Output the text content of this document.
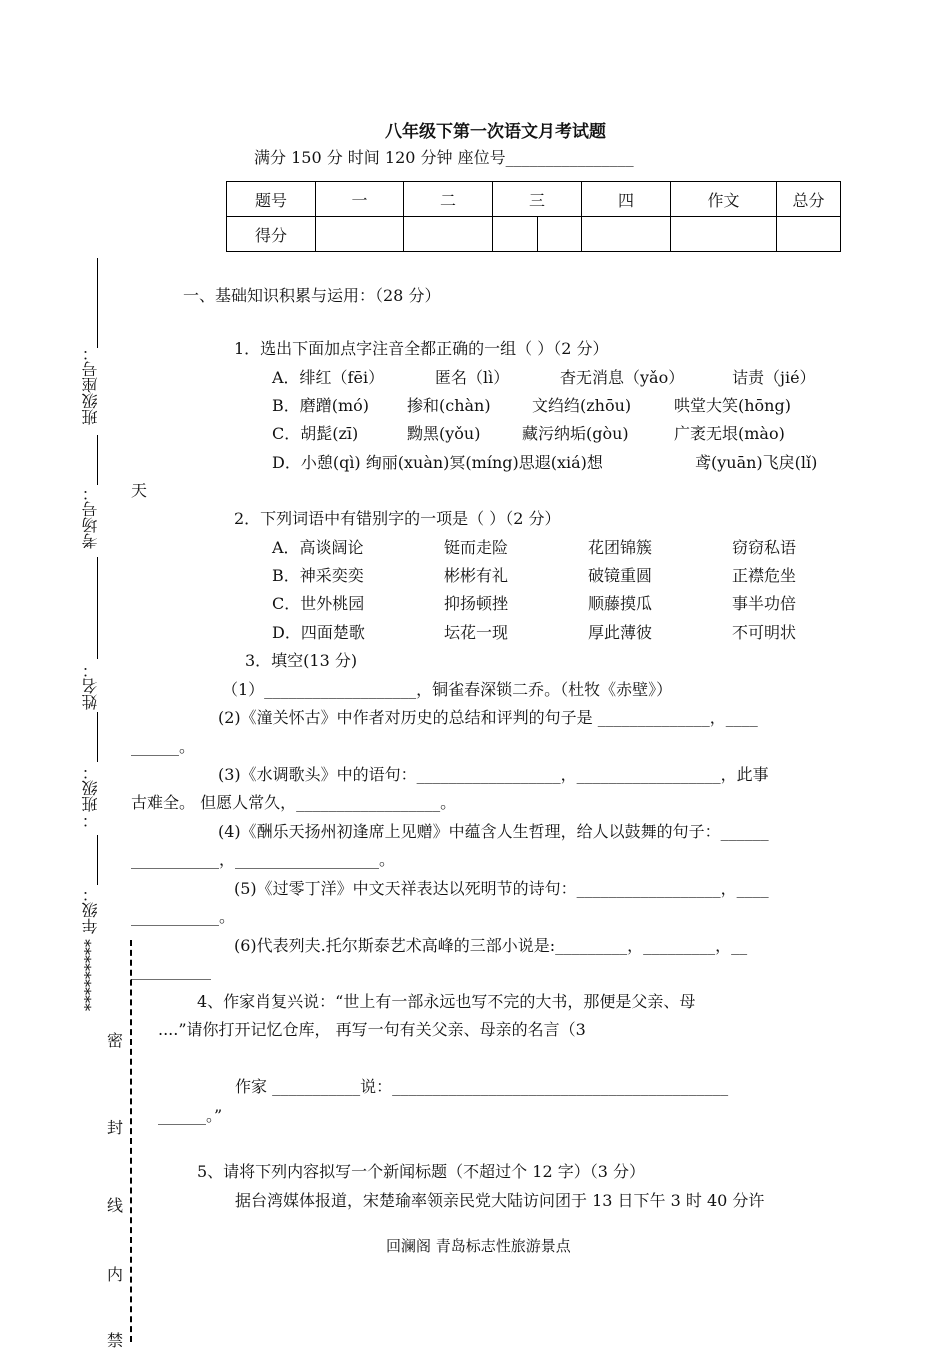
八年级下第一次语文月考试题
满分 150 分 时间 120 分钟 座位号________________
题号	一	二	三		四	作文	总分
得分							
班级座号：
考场号：
姓名：
：班级：
********* 年级：
密
封
线
内
禁
一、基础知识积累与运用：（28 分）
1．选出下面加点字注音全都正确的一组（ ）（2 分）
A．绯红（fēi）	匿名（lì）	杳无消息（yǎo）	诘责（jié）
B．磨蹭(mó) 掺和(chàn)	文绉绉(zhōu)	哄堂大笑(hōng)
C．胡髭(zī)	黝黑(yǒu)	藏污纳垢(gòu)	广袤无垠(mào)
D．小憩(qì) 绚丽(xuàn)冥(míng)思遐(xiá)想	鸢(yuān)飞戾(lǐ)
天
2．下列词语中有错别字的一项是（ ）（2 分）
A．高谈阔论	铤而走险	花团锦簇	窃窃私语
B．神采奕奕	彬彬有礼	破镜重圆	正襟危坐
C．世外桃园	抑扬顿挫	顺藤摸瓜	事半功倍
D．四面楚歌	坛花一现	厚此薄彼	不可明状
3．填空(13 分)
（1）___________________，铜雀春深锁二乔。（杜牧《赤壁》）
(2)《潼关怀古》中作者对历史的总结和评判的句子是 ______________，____
______。
(3)《水调歌头》中的语句：__________________，__________________，此事
古难全。 但愿人常久，__________________。
(4)《酬乐天扬州初逢席上见赠》中蕴含人生哲理，给人以鼓舞的句子：______
___________，__________________。
(5)《过零丁洋》中文天祥表达以死明节的诗句：__________________，____
___________。
(6)代表列夫.托尔斯泰艺术高峰的三部小说是:_________，_________，__
__________
4、作家肖复兴说：“世上有一部永远也写不完的大书，那便是父亲、母
....”请你打开记忆仓库， 再写一句有关父亲、母亲的名言（3
作家 ___________说：__________________________________________
______。”
5、请将下列内容拟写一个新闻标题（不超过个 12 字）（3 分）
据台湾媒体报道，宋楚瑜率领亲民党大陆访问团于 13 日下午 3 时 40 分许
回澜阁 青岛标志性旅游景点
